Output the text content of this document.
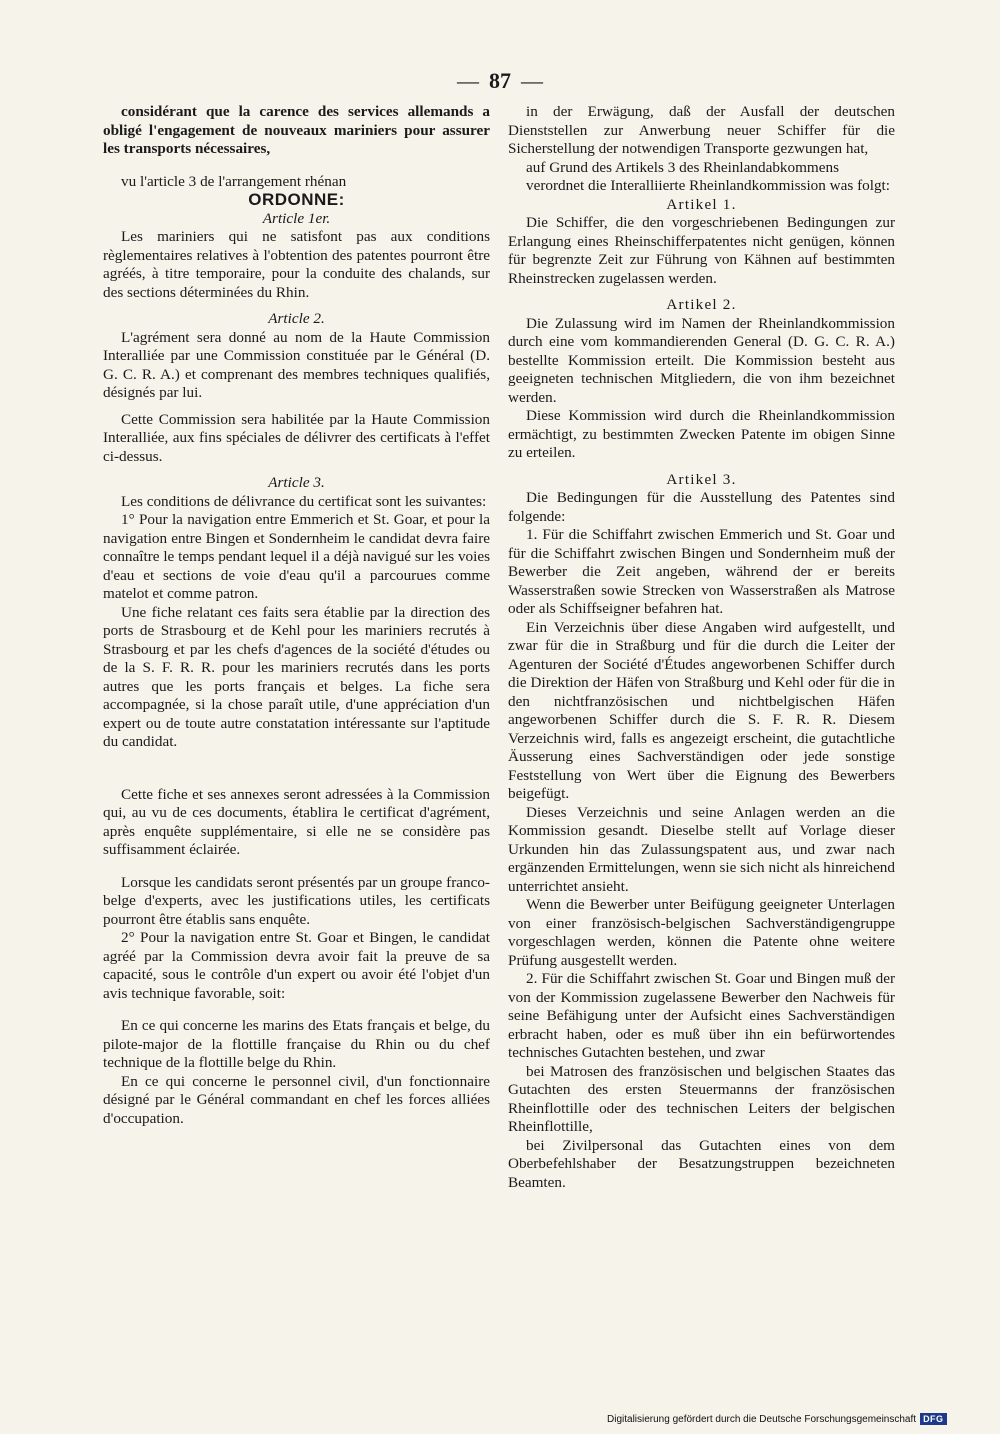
— 87 —

considérant que la carence des services allemands a obligé l'engagement de nouveaux mariniers pour assurer les transports nécessaires,

vu l'article 3 de l'arrangement rhénan

ORDONNE:

Article 1er.

Les mariniers qui ne satisfont pas aux conditions règlementaires relatives à l'obtention des patentes pourront être agréés, à titre temporaire, pour la conduite des chalands, sur des sections déterminées du Rhin.

Article 2.

L'agrément sera donné au nom de la Haute Commission Interalliée par une Commission constituée par le Général (D. G. C. R. A.) et comprenant des membres techniques qualifiés, désignés par lui.

Cette Commission sera habilitée par la Haute Commission Interalliée, aux fins spéciales de délivrer des certificats à l'effet ci-dessus.

Article 3.

Les conditions de délivrance du certificat sont les suivantes:

1° Pour la navigation entre Emmerich et St. Goar, et pour la navigation entre Bingen et Sondernheim le candidat devra faire connaître le temps pendant lequel il a déjà navigué sur les voies d'eau et sections de voie d'eau qu'il a parcourues comme matelot et comme patron.

Une fiche relatant ces faits sera établie par la direction des ports de Strasbourg et de Kehl pour les mariniers recrutés à Strasbourg et par les chefs d'agences de la société d'études ou de la S. F. R. R. pour les mariniers recrutés dans les ports autres que les ports français et belges. La fiche sera accompagnée, si la chose paraît utile, d'une appréciation d'un expert ou de toute autre constatation intéressante sur l'aptitude du candidat.

Cette fiche et ses annexes seront adressées à la Commission qui, au vu de ces documents, établira le certificat d'agrément, après enquête supplémentaire, si elle ne se considère pas suffisamment éclairée.

Lorsque les candidats seront présentés par un groupe franco-belge d'experts, avec les justifications utiles, les certificats pourront être établis sans enquête.

2° Pour la navigation entre St. Goar et Bingen, le candidat agréé par la Commission devra avoir fait la preuve de sa capacité, sous le contrôle d'un expert ou avoir été l'objet d'un avis technique favorable, soit:

En ce qui concerne les marins des Etats français et belge, du pilote-major de la flottille française du Rhin ou du chef technique de la flottille belge du Rhin.

En ce qui concerne le personnel civil, d'un fonctionnaire désigné par le Général commandant en chef les forces alliées d'occupation.

in der Erwägung, daß der Ausfall der deutschen Dienststellen zur Anwerbung neuer Schiffer für die Sicherstellung der notwendigen Transporte gezwungen hat,

auf Grund des Artikels 3 des Rheinlandabkommens

verordnet die Interalliierte Rheinlandkommission was folgt:

Artikel 1.

Die Schiffer, die den vorgeschriebenen Bedingungen zur Erlangung eines Rheinschifferpatentes nicht genügen, können für begrenzte Zeit zur Führung von Kähnen auf bestimmten Rheinstrecken zugelassen werden.

Artikel 2.

Die Zulassung wird im Namen der Rheinlandkommission durch eine vom kommandierenden General (D. G. C. R. A.) bestellte Kommission erteilt. Die Kommission besteht aus geeigneten technischen Mitgliedern, die von ihm bezeichnet werden.

Diese Kommission wird durch die Rheinlandkommission ermächtigt, zu bestimmten Zwecken Patente im obigen Sinne zu erteilen.

Artikel 3.

Die Bedingungen für die Ausstellung des Patentes sind folgende:

1. Für die Schiffahrt zwischen Emmerich und St. Goar und für die Schiffahrt zwischen Bingen und Sondernheim muß der Bewerber die Zeit angeben, während der er bereits Wasserstraßen sowie Strecken von Wasserstraßen als Matrose oder als Schiffseigner befahren hat.

Ein Verzeichnis über diese Angaben wird aufgestellt, und zwar für die in Straßburg und für die durch die Leiter der Agenturen der Société d'Études angeworbenen Schiffer durch die Direktion der Häfen von Straßburg und Kehl oder für die in den nichtfranzösischen und nichtbelgischen Häfen angeworbenen Schiffer durch die S. F. R. R. Diesem Verzeichnis wird, falls es angezeigt erscheint, die gutachtliche Äusserung eines Sachverständigen oder jede sonstige Feststellung von Wert über die Eignung des Bewerbers beigefügt.

Dieses Verzeichnis und seine Anlagen werden an die Kommission gesandt. Dieselbe stellt auf Vorlage dieser Urkunden hin das Zulassungspatent aus, und zwar nach ergänzenden Ermittelungen, wenn sie sich nicht als hinreichend unterrichtet ansieht.

Wenn die Bewerber unter Beifügung geeigneter Unterlagen von einer französisch-belgischen Sachverständigengruppe vorgeschlagen werden, können die Patente ohne weitere Prüfung ausgestellt werden.

2. Für die Schiffahrt zwischen St. Goar und Bingen muß der von der Kommission zugelassene Bewerber den Nachweis für seine Befähigung unter der Aufsicht eines Sachverständigen erbracht haben, oder es muß über ihn ein befürwortendes technisches Gutachten bestehen, und zwar

bei Matrosen des französischen und belgischen Staates das Gutachten des ersten Steuermanns der französischen Rheinflottille oder des technischen Leiters der belgischen Rheinflottille,

bei Zivilpersonal das Gutachten eines von dem Oberbefehlshaber der Besatzungstruppen bezeichneten Beamten.

Digitalisierung gefördert durch die Deutsche Forschungsgemeinschaft DFG
